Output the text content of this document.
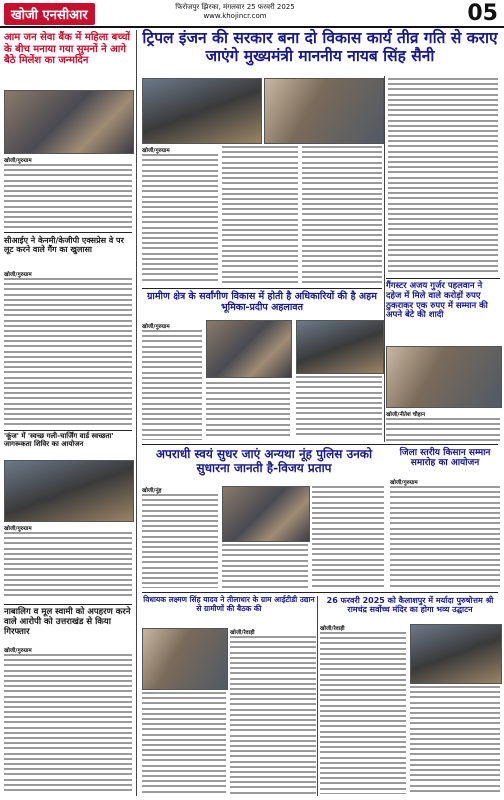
खोजी एनसीआर
फिरोजपुर झिरका, मंगलवार 25 फरवरी 2025
www.khojincr.com	05
आम जन सेवा बैंक में महिला बच्चों के बीच मनाया गया सुमनों ने आगे बैठे मिलेंश का जन्मदिन
खोजी/गुरुग्राम
ट्रिपल इंजन की सरकार बना दो विकास कार्य तीव्र गति से कराए जाएंगे मुख्यमंत्री माननीय नायब सिंह सैनी
खोजी/गुरुग्राम
सीआईए ने केनमी/केजीपी एक्सप्रेस वे पर लूट करने वाले गैंग का खुलासा
खोजी/गुरुग्राम
ग्रामीण क्षेत्र के सर्वांगीण विकास में होती है अधिकारियों की है अहम भूमिका-प्रदीप अहलावत
खोजी/गुरुग्राम
गैंगस्टर अजय गुर्जर पहलवान ने दहेज में मिले वाले करोड़ों रुपए ठुकराकर एक रुपए में सम्मान की अपने बेटे की शादी
खोजी/नीतेश चौहान
'कूंज' में 'स्वच्छ गली-चार्जिंग वार्ड स्वच्छता' जागरूकता शिविर का आयोजन
खोजी/गुरुग्राम
अपराधी स्वयं सुधर जाएं अन्यथा नूंह पुलिस उनको सुधारना जानती है-विजय प्रताप
खोजी/नूंह
जिला स्तरीय किसान सम्मान समारोह का आयोजन
खोजी/गुरुग्राम
विधायक लक्ष्मण सिंह यादव ने तीलाधार के ग्राम आईटीडी उद्यान से ग्रामीणों की बैठक की
खोजी/रेवाड़ी
26 फरवरी 2025 को कैलाशपुर में मर्यादा पुरुषोत्तम श्री रामचंद्र सर्वोच्च मंदिर का होगा भव्य उद्घाटन
खोजी/रेवाड़ी
नाबालिग व मूल स्वामी को अपहरण करने वाले आरोपी को उत्तराखंड से किया गिरफ्तार
खोजी/गुरुग्राम
